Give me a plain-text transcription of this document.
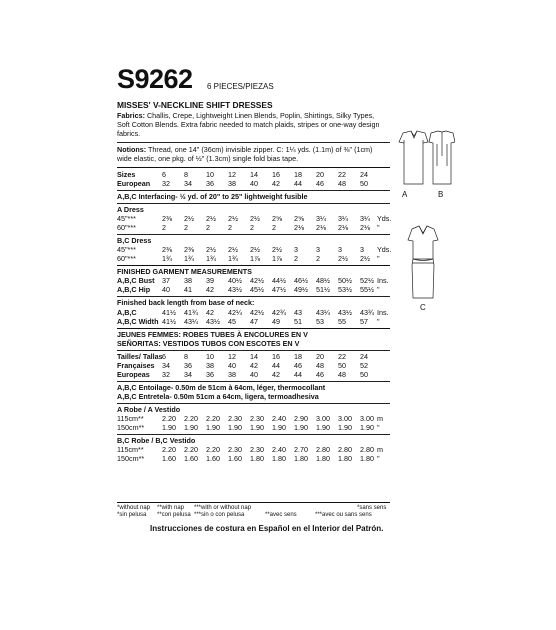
S9262 6 PIECES/PIEZAS
MISSES' V-NECKLINE SHIFT DRESSES
Fabrics: Challis, Crepe, Lightweight Linen Blends, Poplin, Shirtings, Silky Types,
Soft Cotton Blends. Extra fabric needed to match plaids, stripes or one-way design
fabrics.
Notions: Thread, one 14" (36cm) invisible zipper. C: 1¼ yds. (1.1m) of ⅜" (1cm)
wide elastic, one pkg. of ½" (1.3cm) single fold bias tape.
Sizes	6	8	10 12 14 16 18 20 22 24
European 32 34 36 38 40 42 44 46 48 50
A,B,C Interfacing- ½ yd. of 20" to 25" lightweight fusible
A Dress
45"***	2⅜ 2½ 2½ 2½ 2½ 2⅝ 2⅝ 3¼ 3¼ 3¼ Yds.
60"***	2	2	2	2	2	2	2⅛ 2⅛ 2⅛ 2⅛ "
B,C Dress
45"***	2⅜ 2⅜ 2½ 2½ 2½ 2½ 3	3	3	3 Yds.
60"***	1¾ 1¾ 1¾ 1¾ 1⅞ 1⅞ 2	2	2½ 2½ "
FINISHED GARMENT MEASUREMENTS
A,B,C Bust 37 38 39 40½ 42½ 44½ 46½ 48½ 50½ 52½ Ins.
A,B,C Hip 40 41 42 43½ 45½ 47½ 49½ 51½ 53½ 55½ "
Finished back length from base of neck:
A,B,C	41½ 41¾ 42 42¼ 42½ 42¾ 43 43¼ 43½ 43¾ Ins.
A,B,C Width 41½ 43¼ 43½ 45 47 49 51 53 55 57 "
JEUNES FEMMES: ROBES TUBES À ENCOLURES EN V
SEÑORITAS: VESTIDOS TUBOS CON ESCOTES EN V
Tailles/ Tallas 6	8	10 12 14 16 18 20 22 24
Françaises 34 36 38 40 42 44 46 48 50 52
Europeas 32 34 36 38 40 42 44 46 48 50
A,B,C Entoilage- 0.50m de 51cm à 64cm, léger, thermocollant
A,B,C Entretela- 0.50m 51cm a 64cm, ligera, termoadhesiva
A Robe / A Vestido
115cm**	2.20 2.20 2.20 2.30 2.30 2.40 2.90 3.00 3.00 3.00 m
150cm** 1.90 1.90 1.90 1.90 1.90 1.90 1.90 1.90 1.90 1.90 "
B,C Robe / B,C Vestido
115cm**	2.20 2.20 2.20 2.30 2.30 2.40 2.70 2.80 2.80 2.80 m
150cm** 1.60 1.60 1.60 1.60 1.80 1.80 1.80 1.80 1.80 1.80 "
*without nap
*sin pelusa
**with nap
**con pelusa
***with or without nap
***sin o con pelusa
*sans sens
**avec sens	***avec ou sans sens
Instrucciones de costura en Español en el Interior del Patrón.
A	B
C
